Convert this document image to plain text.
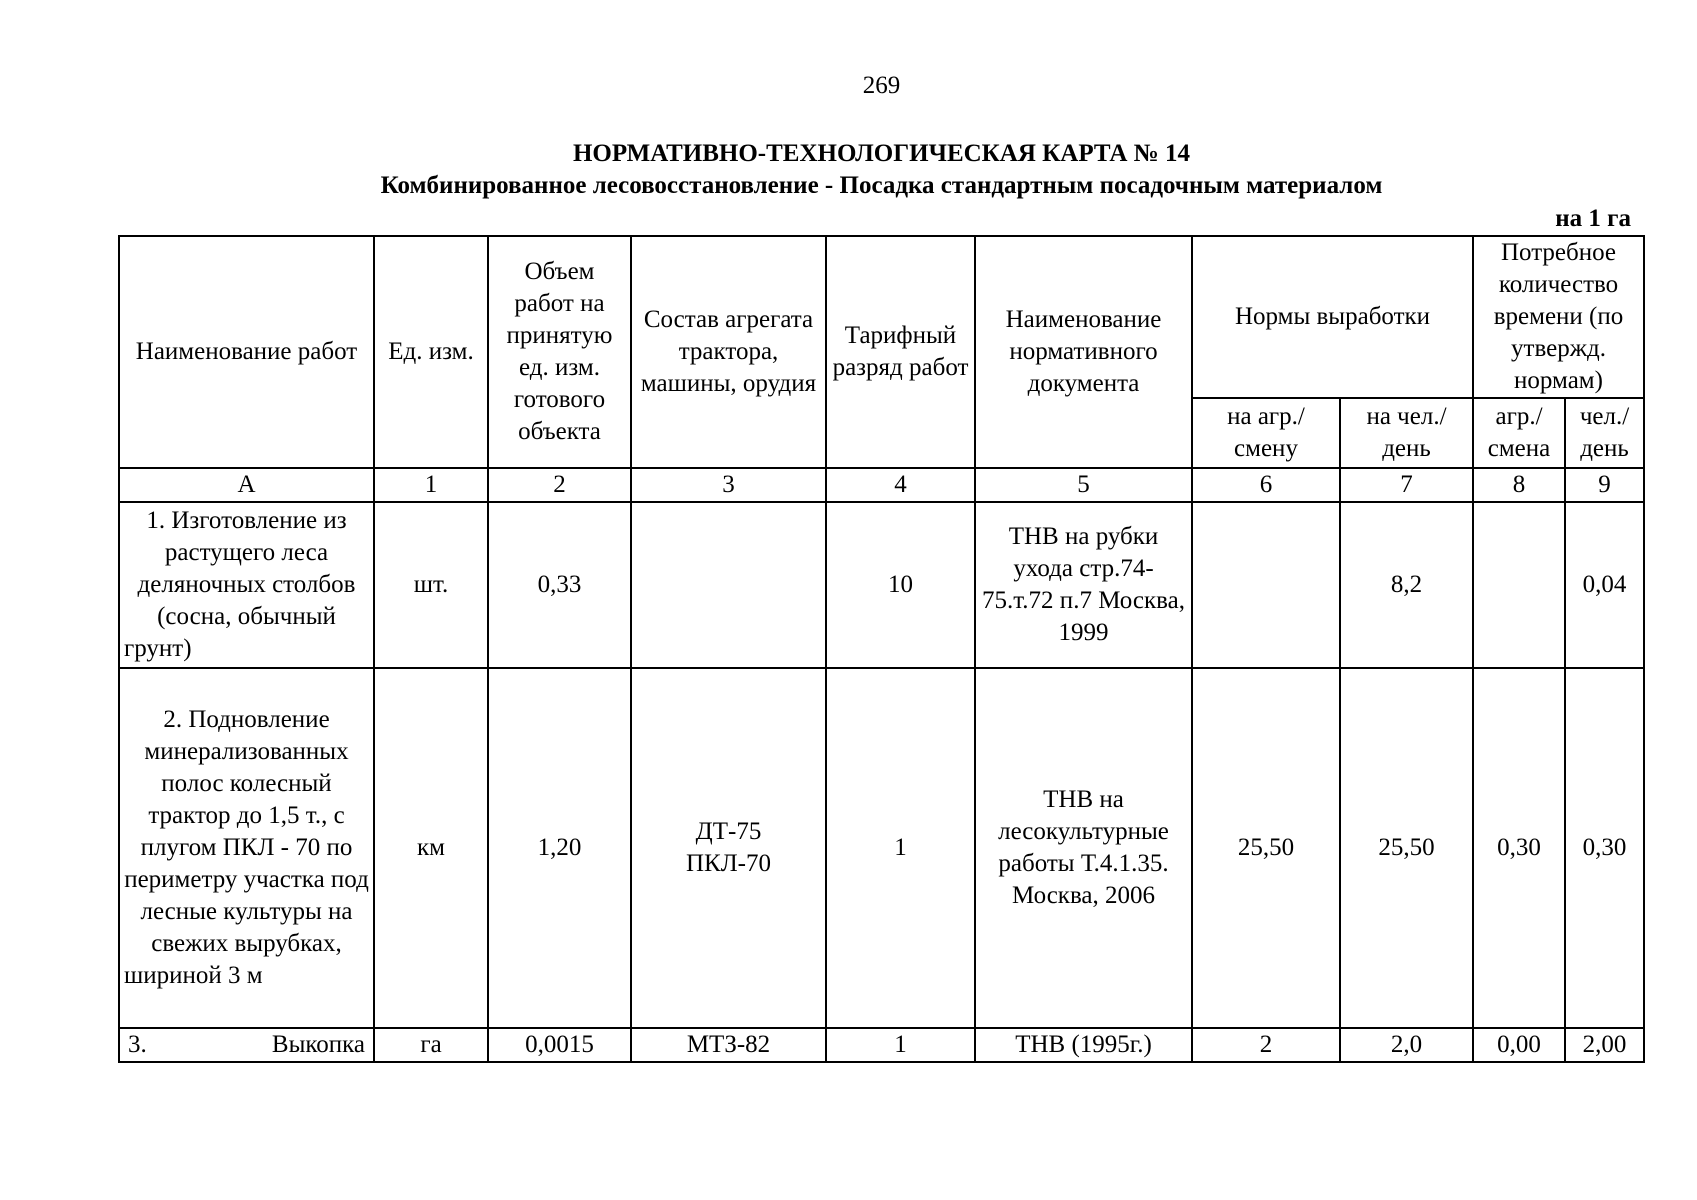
269
НОРМАТИВНО-ТЕХНОЛОГИЧЕСКАЯ КАРТА № 14
Комбинированное лесовосстановление - Посадка стандартным посадочным материалом
на 1 га
Наименование работ	Ед. изм.	Объем работ на принятую ед. изм. готового объекта	Состав агрегата трактора, машины, орудия	Тарифный разряд работ	Наименование нормативного документа	Нормы выработки		Потребное количество времени (по утвержд. нормам)	
						на агр./смену	на чел./день	агр./ смена	чел./ день
А	1	2	3	4	5	6	7	8	9
1. Изготовление из растущего леса деляночных столбов (сосна, обычный грунт)	шт.	0,33		10	ТНВ на рубки ухода стр.74-75.т.72 п.7 Москва, 1999		8,2		0,04
2. Подновление минерализованных полос колесный трактор до 1,5 т., с плугом ПКЛ - 70 по периметру участка под лесные культуры на свежих вырубках, шириной 3 м	км	1,20	ДТ-75 ПКЛ-70	1	ТНВ на лесокультурные работы Т.4.1.35. Москва, 2006	25,50	25,50	0,30	0,30

3. Выкопка	га	0,0015	МТЗ-82	1	ТНВ (1995г.)	2	2,0	0,00	2,00
